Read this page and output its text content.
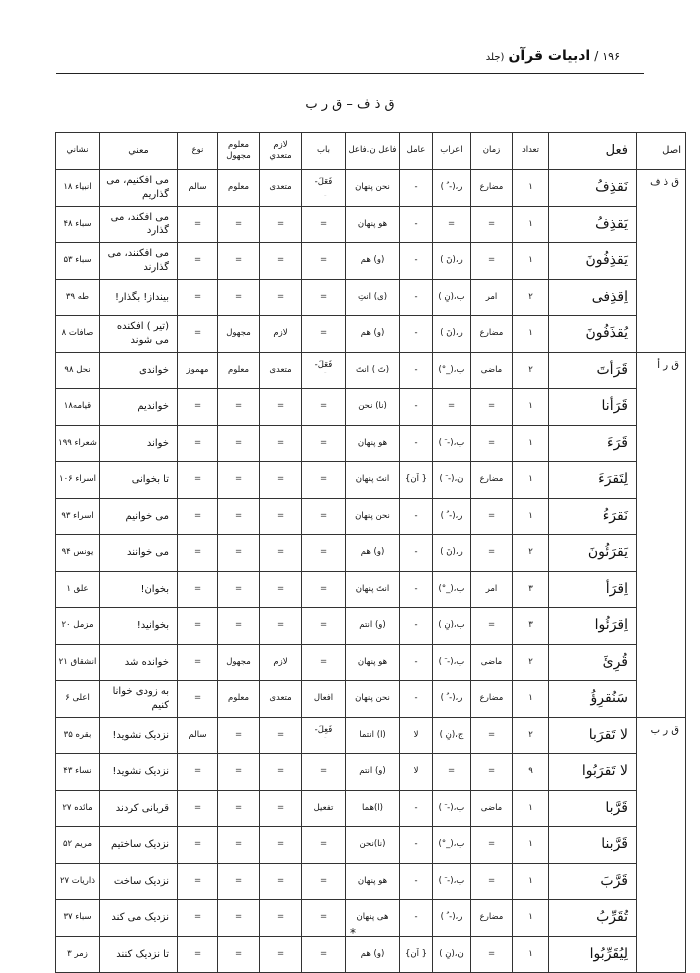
۱۹۶
/
ادبیات قرآن
(جلد
ق ذ ف – ق ر ب
اصل	فعل	تعداد	زمان	اعراب	عامل	فاعل ن.فاعل	باب	لازم متعدي	معلوم مجهول	نوع	معني	نشاني
ق ذ ف	نَقذِفُ	۱	مضارع	ر،(- ُ )	-	نحن پنهان	فَعَلَ-	متعدی	معلوم	سالم	می افکنیم، می گذاریم	انبیاء ۱۸
	يَقذِفُ	۱	=	=	-	هو پنهان	=	=	=	=	می افکند، می گذارد	سباء ۴۸
	يَقذِفُونَ	۱	=	ر،(نَ )	-	(و) هم	=	=	=	=	می افکنند، می گذارند	سباء ۵۳
	اِقذِفی	۲	امر	ب،(نِ )	-	(ی) انتِ	=	=	=	=	بینداز! بگذار!	طه ۳۹
	يُقذَفُونَ	۱	مضارع	ر،(نَ )	-	(و) هم	=	لازم	مجهول	=	(تیر ) افکنده می شوند	صافات ۸
ق ر أ	قَرَأتَ	۲	ماضی	ب،(_°)	-	(تَ ) انتَ	فَعَلَ-	متعدی	معلوم	مهموز	خواندی	نحل ۹۸
	قَرَأنا	۱	=	=	-	(نا) نحن	=	=	=	=	خواندیم	قیامه۱۸
	قَرَءَ	۱	=	ب،(- َ )	-	هو پنهان	=	=	=	=	خواند	شعراء ۱۹۹
	لِتَقرَءَ	۱	مضارع	ن،(- َ )	{ اَن}	انتَ پنهان	=	=	=	=	تا بخوانی	اسراء ۱۰۶
	نَقرَءُ	۱	=	ر،(- ُ )	-	نحن پنهان	=	=	=	=	می خوانیم	اسراء ۹۳
	يَقرَئُونَ	۲	=	ر،(نَ )	-	(و) هم	=	=	=	=	می خوانند	یونس ۹۴
	اِقرَأ	۳	امر	ب،(_°)	-	انتَ پنهان	=	=	=	=	بخوان!	علق ۱
	اِقرَئُوا	۳	=	ب،(نِ )	-	(و) انتم	=	=	=	=	بخوانید!	مزمل ۲۰
	قُرِئَ	۲	ماضی	ب،(- َ )	-	هو پنهان	=	لازم	مجهول	=	خوانده شد	انشقاق ۲۱
	سَنُقرِؤُ	۱	مضارع	ر،(- ُ )	-	نحن پنهان	افعال	متعدی	معلوم	=	به زودی خوانا کنیم	اعلی ۶
ق ر ب	لا تَقرَبا	۲	=	ج،(نِ )	لا	(ا) انتما	فَعِلَ-	=	=	سالم	نزدیک نشوید!	بقره ۳۵
	لا تَقرَبُوا	۹	=	=	لا	(و) انتم	=	=	=	=	نزدیک نشوید!	نساء ۴۳
	قَرَّبا	۱	ماضی	ب،(- َ )	-	(ا)هما	تفعیل	=	=	=	قربانی کردند	مائده ۲۷
	قَرَّبنا	۱	=	ب،(_°)	-	(نا)نحن	=	=	=	=	نزدیک ساختیم	مریم ۵۲
	قَرَّبَ	۱	=	ب،(- َ )	-	هو پنهان	=	=	=	=	نزدیک ساخت	ذاریات ۲۷
	تُقَرِّبُ	۱	مضارع	ر،(- ُ )	-	هی پنهان	=	=	=	=	نزدیک می کند	سباء ۳۷
	لِيُقَرِّبُوا	۱	=	ن،(نِ )	{ اَن}	(و) هم	=	=	=	=	تا نزدیک کنند	زمر ۳
*
